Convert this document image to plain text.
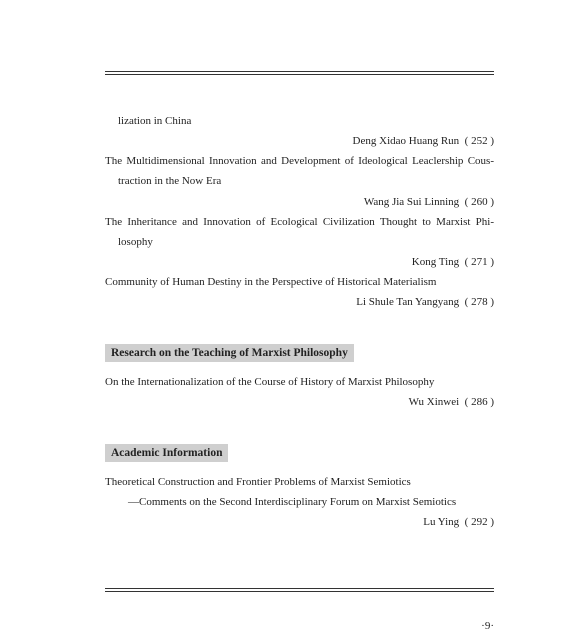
lization in China
Deng Xidao Huang Run ( 252 )
The Multidimensional Innovation and Development of Ideological Leaclership Cous-
traction in the Now Era
Wang Jia Sui Linning ( 260 )
The Inheritance and Innovation of Ecological Civilization Thought to Marxist Phi-
losophy
Kong Ting ( 271 )
Community of Human Destiny in the Perspective of Historical Materialism
Li Shule Tan Yangyang ( 278 )
Research on the Teaching of Marxist Philosophy
On the Internationalization of the Course of History of Marxist Philosophy
Wu Xinwei ( 286 )
Academic Information
Theoretical Construction and Frontier Problems of Marxist Semiotics
—Comments on the Second Interdisciplinary Forum on Marxist Semiotics
Lu Ying ( 292 )
·9·
